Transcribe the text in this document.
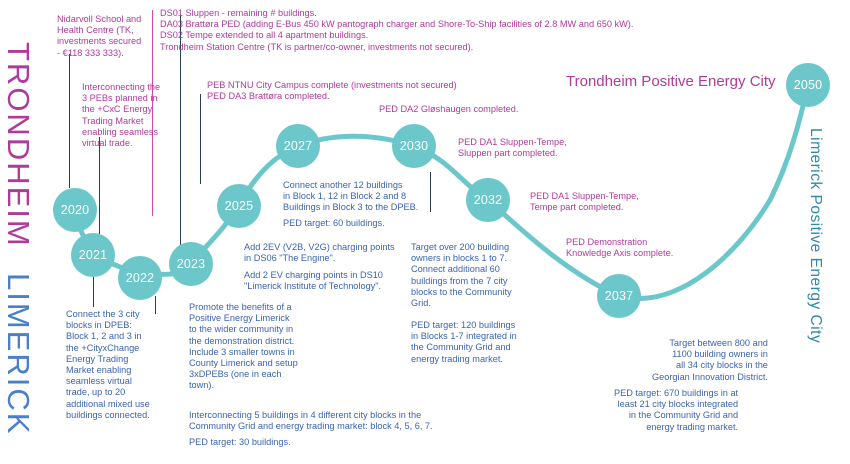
TRONDHEIM
LIMERICK
Limerick Positive Energy City
Trondheim Positive Energy City
2020
2021
2022
2023
2025
2027	2030
2032
2037
2050
Nidarvoll School and
Health Centre (TK,
investments secured
- €118 333 333).
Interconnecting the
3 PEBs planned in
the +CxC Energy
Trading Market
enabling seamless
virtual trade.
DS01 Sluppen - remaining # buildings.
DA03 Brattøra PED (adding E-Bus 450 kW pantograph charger and Shore-To-Ship facilities of 2.8 MW and 650 kW).
DS02 Tempe extended to all 4 apartment buildings.
Trondheim Station Centre (TK is partner/co-owner, investments not secured).
PEB NTNU City Campus complete (investments not secured)
PED DA3 Brattøra completed.
PED DA2 Gløshaugen completed.
PED DA1 Sluppen-Tempe,
Sluppen part completed.
PED DA1 Sluppen-Tempe,
Tempe part completed.
PED Demonstration
Knowledge Axis complete.
Connect the 3 city
blocks in DPEB:
Block 1, 2 and 3 in
the +CityxChange
Energy Trading
Market enabling
seamless virtual
trade, up to 20
additional mixed use
buildings connected.
Promote the benefits of a
Positive Energy Limerick
to the wider community in
the demonstration district.
Include 3 smaller towns in
County Limerick and setup
3xDPEBs (one in each
town).
Interconnecting 5 buildings in 4 different city blocks in the
Community Grid and energy trading market: block 4, 5, 6, 7.
PED target: 30 buildings.
Add 2EV (V2B, V2G) charging points
in DS06 "The Engine".
Add 2 EV charging points in DS10
"Limerick Institute of Technology".
Connect another 12 buildings
in Block 1, 12 in Block 2 and 8
Buildings in Block 3 to the DPEB.
PED target: 60 buildings.
Target over 200 building
owners in blocks 1 to 7.
Connect additional 60
buildings from the 7 city
blocks to the Community
Grid.
PED target: 120 buildings
in Blocks 1-7 integrated in
the Community Grid and
energy trading market.
Target between 800 and
1100 building owners in
all 34 city blocks in the
Georgian Innovation District.
PED target: 670 buildings in at
least 21 city blocks integrated
in the Community Grid and
energy trading market.
